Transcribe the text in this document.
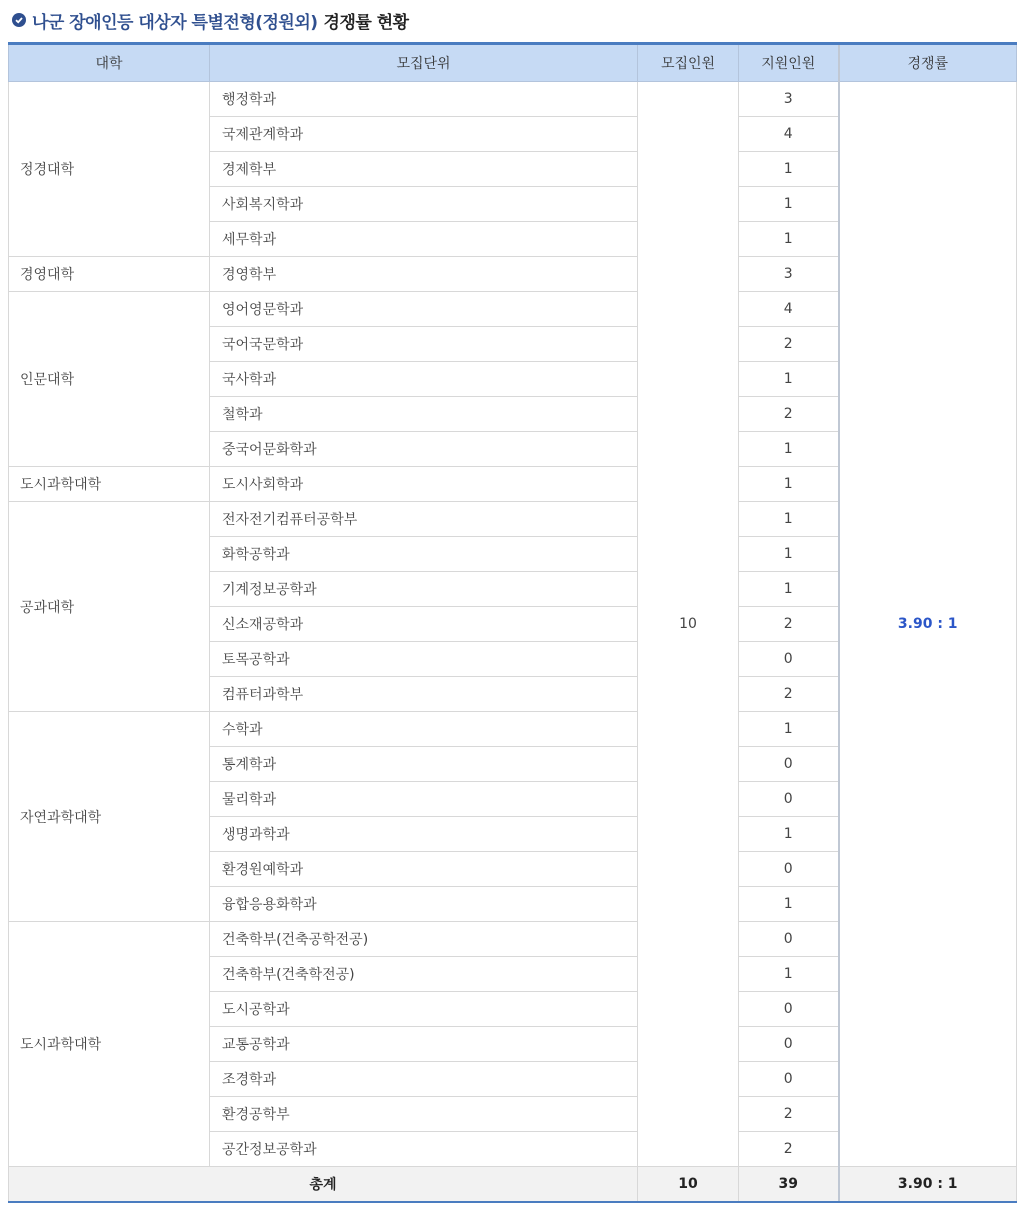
나군 장애인등 대상자 특별전형(정원외) 경쟁률 현황
대학	모집단위	모집인원	지원인원	경쟁률
정경대학	행정학과	10	3	3.90 : 1
	국제관계학과		4	
	경제학부		1	
	사회복지학과		1	
	세무학과		1	
경영대학	경영학부		3	
인문대학	영어영문학과		4	
	국어국문학과		2	
	국사학과		1	
	철학과		2	
	중국어문화학과		1	
도시과학대학	도시사회학과		1	
공과대학	전자전기컴퓨터공학부		1	
	화학공학과		1	
	기계정보공학과		1	
	신소재공학과		2	
	토목공학과		0	
	컴퓨터과학부		2	
자연과학대학	수학과		1	
	통계학과		0	
	물리학과		0	
	생명과학과		1	
	환경원예학과		0	
	융합응용화학과		1	
도시과학대학	건축학부(건축공학전공)		0	
	건축학부(건축학전공)		1	
	도시공학과		0	
	교통공학과		0	
	조경학과		0	
	환경공학부		2	
	공간정보공학과		2	
총계		10	39	3.90 : 1
